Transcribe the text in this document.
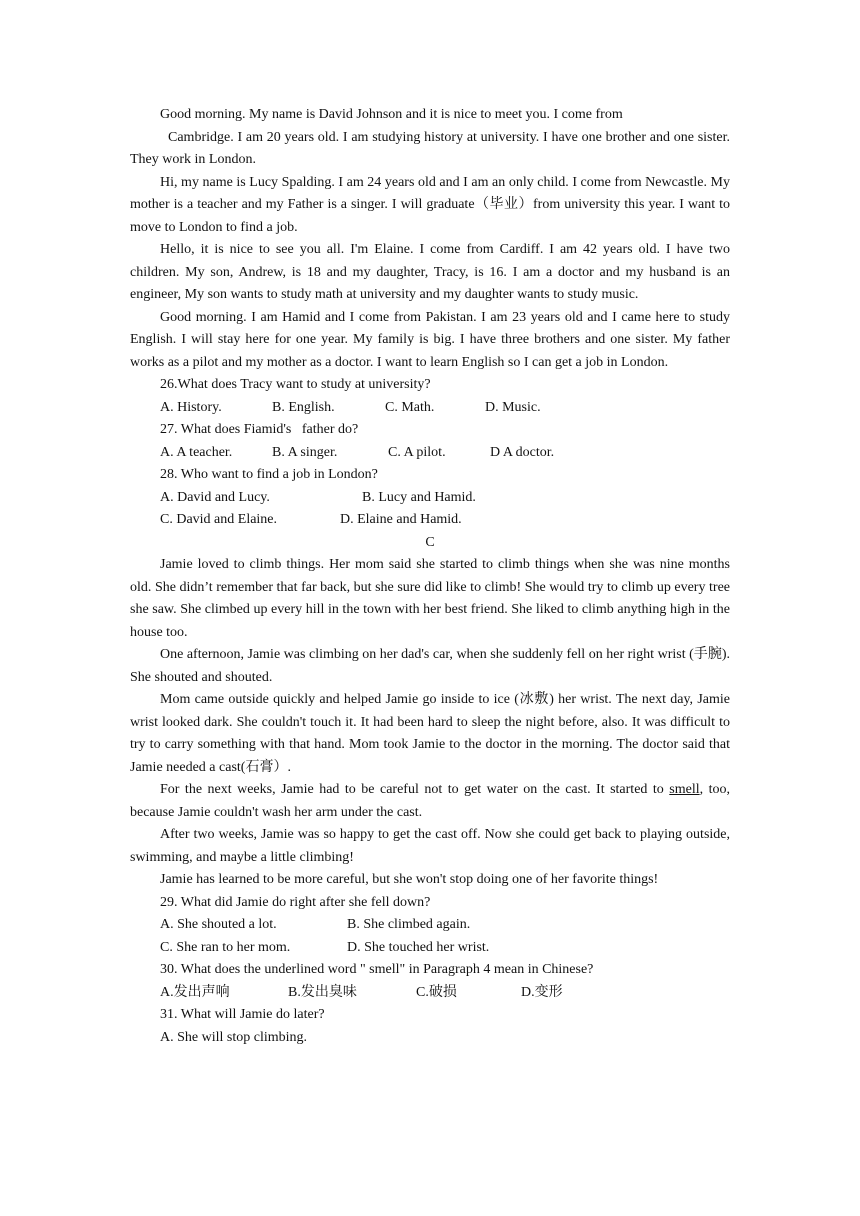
Good morning. My name is David Johnson and it is nice to meet you. I come from

Cambridge. I am 20 years old. I am studying history at university. I have one brother and one sister. They work in London.

Hi, my name is Lucy Spalding. I am 24 years old and I am an only child. I come from Newcastle. My mother is a teacher and my Father is a singer. I will graduate（毕业）from university this year. I want to move to London to find a job.

Hello, it is nice to see you all. I'm Elaine. I come from Cardiff. I am 42 years old. I have two children. My son, Andrew, is 18 and my daughter, Tracy, is 16. I am a doctor and my husband is an engineer, My son wants to study math at university and my daughter wants to study music.

Good morning. I am Hamid and I come from Pakistan. I am 23 years old and I came here to study English. I will stay here for one year. My family is big. I have three brothers and one sister. My father works as a pilot and my mother as a doctor. I want to learn English so I can get a job in London.

26.What does Tracy want to study at university?

A. History.	B. English.	C. Math.	D. Music.

27. What does Fiamid's   father do?

A. A teacher.	B. A singer.	C. A pilot.	D A doctor.

28. Who want to find a job in London?

A. David and Lucy.	B. Lucy and Hamid.

C. David and Elaine.	D. Elaine and Hamid.

C

Jamie loved to climb things. Her mom said she started to climb things when she was nine months old. She didn’t remember that far back, but she sure did like to climb! She would try to climb up every tree she saw. She climbed up every hill in the town with her best friend. She liked to climb anything high in the house too.

One afternoon, Jamie was climbing on her dad's car, when she suddenly fell on her right wrist (手腕). She shouted and shouted.

Mom came outside quickly and helped Jamie go inside to ice (冰敷) her wrist. The next day, Jamie wrist looked dark. She couldn't touch it. It had been hard to sleep the night before, also. It was difficult to try to carry something with that hand. Mom took Jamie to the doctor in the morning. The doctor said that Jamie needed a cast(石膏）.

For the next weeks, Jamie had to be careful not to get water on the cast. It started to smell, too, because Jamie couldn't wash her arm under the cast.

After two weeks, Jamie was so happy to get the cast off. Now she could get back to playing outside, swimming, and maybe a little climbing!

Jamie has learned to be more careful, but she won't stop doing one of her favorite things!

29. What did Jamie do right after she fell down?

A. She shouted a lot.	B. She climbed again.

C. She ran to her mom.	D. She touched her wrist.

30. What does the underlined word " smell" in Paragraph 4 mean in Chinese?

A.发出声响	B.发出臭味	C.破损	D.变形

31. What will Jamie do later?

A. She will stop climbing.
